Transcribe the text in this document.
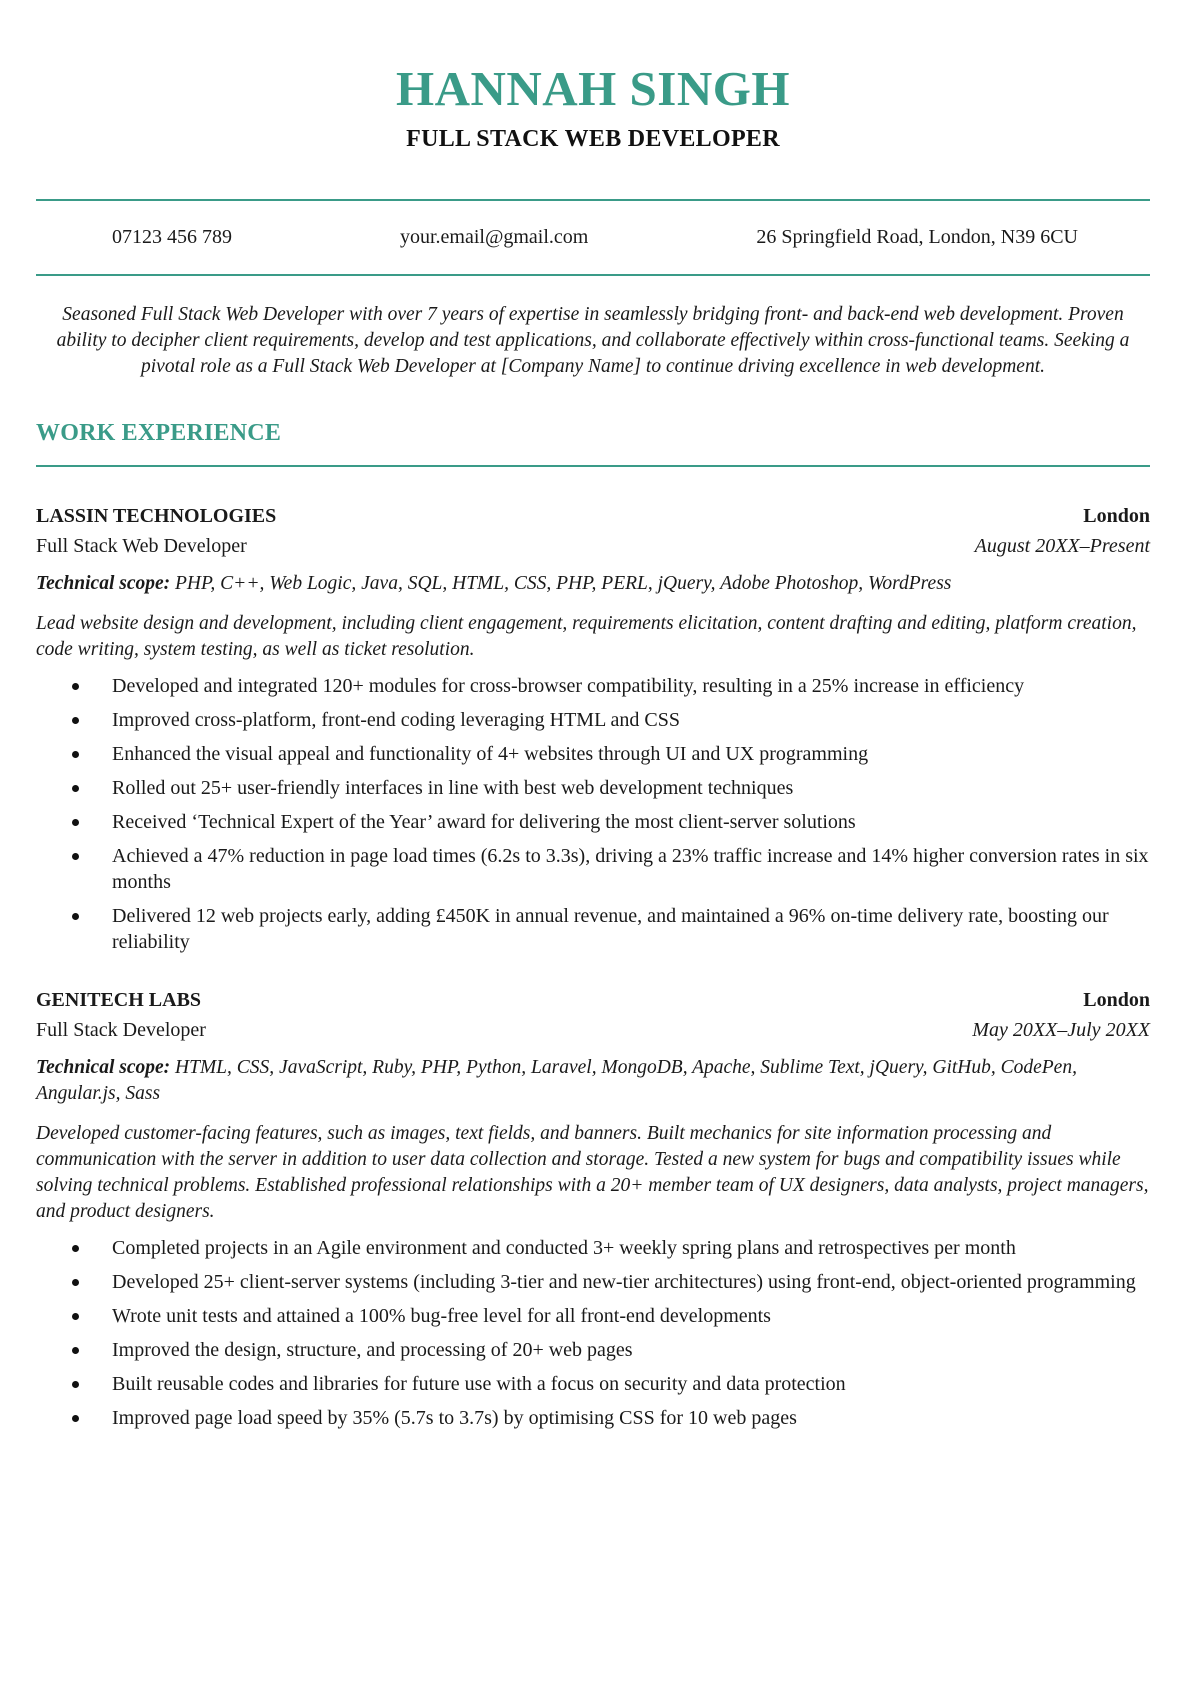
HANNAH SINGH
FULL STACK WEB DEVELOPER
07123 456 789	your.email@gmail.com	26 Springfield Road, London, N39 6CU
Seasoned Full Stack Web Developer with over 7 years of expertise in seamlessly bridging front- and back-end web development. Proven ability to decipher client requirements, develop and test applications, and collaborate effectively within cross-functional teams. Seeking a pivotal role as a Full Stack Web Developer at [Company Name] to continue driving excellence in web development.
WORK EXPERIENCE
LASSIN TECHNOLOGIES	London
Full Stack Web Developer	August 20XX–Present
Technical scope: PHP, C++, Web Logic, Java, SQL, HTML, CSS, PHP, PERL, jQuery, Adobe Photoshop, WordPress
Lead website design and development, including client engagement, requirements elicitation, content drafting and editing, platform creation, code writing, system testing, as well as ticket resolution.
Developed and integrated 120+ modules for cross-browser compatibility, resulting in a 25% increase in efficiency
Improved cross-platform, front-end coding leveraging HTML and CSS
Enhanced the visual appeal and functionality of 4+ websites through UI and UX programming
Rolled out 25+ user-friendly interfaces in line with best web development techniques
Received ‘Technical Expert of the Year’ award for delivering the most client-server solutions
Achieved a 47% reduction in page load times (6.2s to 3.3s), driving a 23% traffic increase and 14% higher conversion rates in six months
Delivered 12 web projects early, adding £450K in annual revenue, and maintained a 96% on-time delivery rate, boosting our reliability
GENITECH LABS	London
Full Stack Developer	May 20XX–July 20XX
Technical scope: HTML, CSS, JavaScript, Ruby, PHP, Python, Laravel, MongoDB, Apache, Sublime Text, jQuery, GitHub, CodePen, Angular.js, Sass
Developed customer-facing features, such as images, text fields, and banners. Built mechanics for site information processing and communication with the server in addition to user data collection and storage. Tested a new system for bugs and compatibility issues while solving technical problems. Established professional relationships with a 20+ member team of UX designers, data analysts, project managers, and product designers.
Completed projects in an Agile environment and conducted 3+ weekly spring plans and retrospectives per month
Developed 25+ client-server systems (including 3-tier and new-tier architectures) using front-end, object-oriented programming
Wrote unit tests and attained a 100% bug-free level for all front-end developments
Improved the design, structure, and processing of 20+ web pages
Built reusable codes and libraries for future use with a focus on security and data protection
Improved page load speed by 35% (5.7s to 3.7s) by optimising CSS for 10 web pages
